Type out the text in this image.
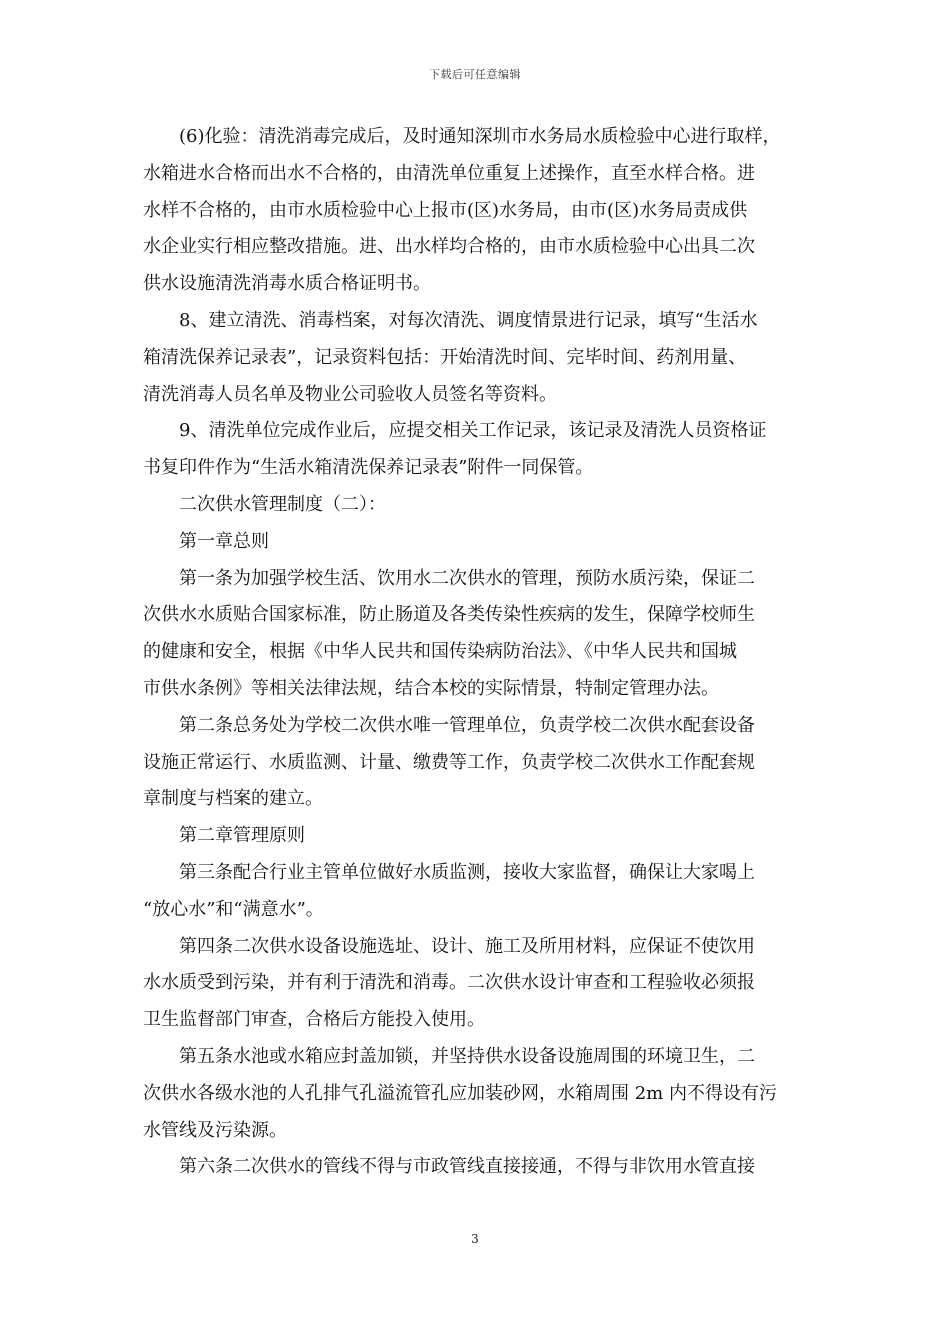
下载后可任意编辑
(6)化验：清洗消毒完成后，及时通知深圳市水务局水质检验中心进行取样，
水箱进水合格而出水不合格的，由清洗单位重复上述操作，直至水样合格。进
水样不合格的，由市水质检验中心上报市(区)水务局，由市(区)水务局责成供
水企业实行相应整改措施。进、出水样均合格的，由市水质检验中心出具二次
供水设施清洗消毒水质合格证明书。
8、建立清洗、消毒档案，对每次清洗、调度情景进行记录，填写“生活水
箱清洗保养记录表”，记录资料包括：开始清洗时间、完毕时间、药剂用量、
清洗消毒人员名单及物业公司验收人员签名等资料。
9、清洗单位完成作业后，应提交相关工作记录，该记录及清洗人员资格证
书复印件作为“生活水箱清洗保养记录表”附件一同保管。
二次供水管理制度（二）：
第一章总则
第一条为加强学校生活、饮用水二次供水的管理，预防水质污染，保证二
次供水水质贴合国家标准，防止肠道及各类传染性疾病的发生，保障学校师生
的健康和安全，根据《中华人民共和国传染病防治法》、《中华人民共和国城
市供水条例》等相关法律法规，结合本校的实际情景，特制定管理办法。
第二条总务处为学校二次供水唯一管理单位，负责学校二次供水配套设备
设施正常运行、水质监测、计量、缴费等工作，负责学校二次供水工作配套规
章制度与档案的建立。
第二章管理原则
第三条配合行业主管单位做好水质监测，接收大家监督，确保让大家喝上
“放心水”和“满意水”。
第四条二次供水设备设施选址、设计、施工及所用材料，应保证不使饮用
水水质受到污染，并有利于清洗和消毒。二次供水设计审查和工程验收必须报
卫生监督部门审查，合格后方能投入使用。
第五条水池或水箱应封盖加锁，并坚持供水设备设施周围的环境卫生，二
次供水各级水池的人孔排气孔溢流管孔应加装砂网，水箱周围 2m 内不得设有污
水管线及污染源。
第六条二次供水的管线不得与市政管线直接接通，不得与非饮用水管直接
3
